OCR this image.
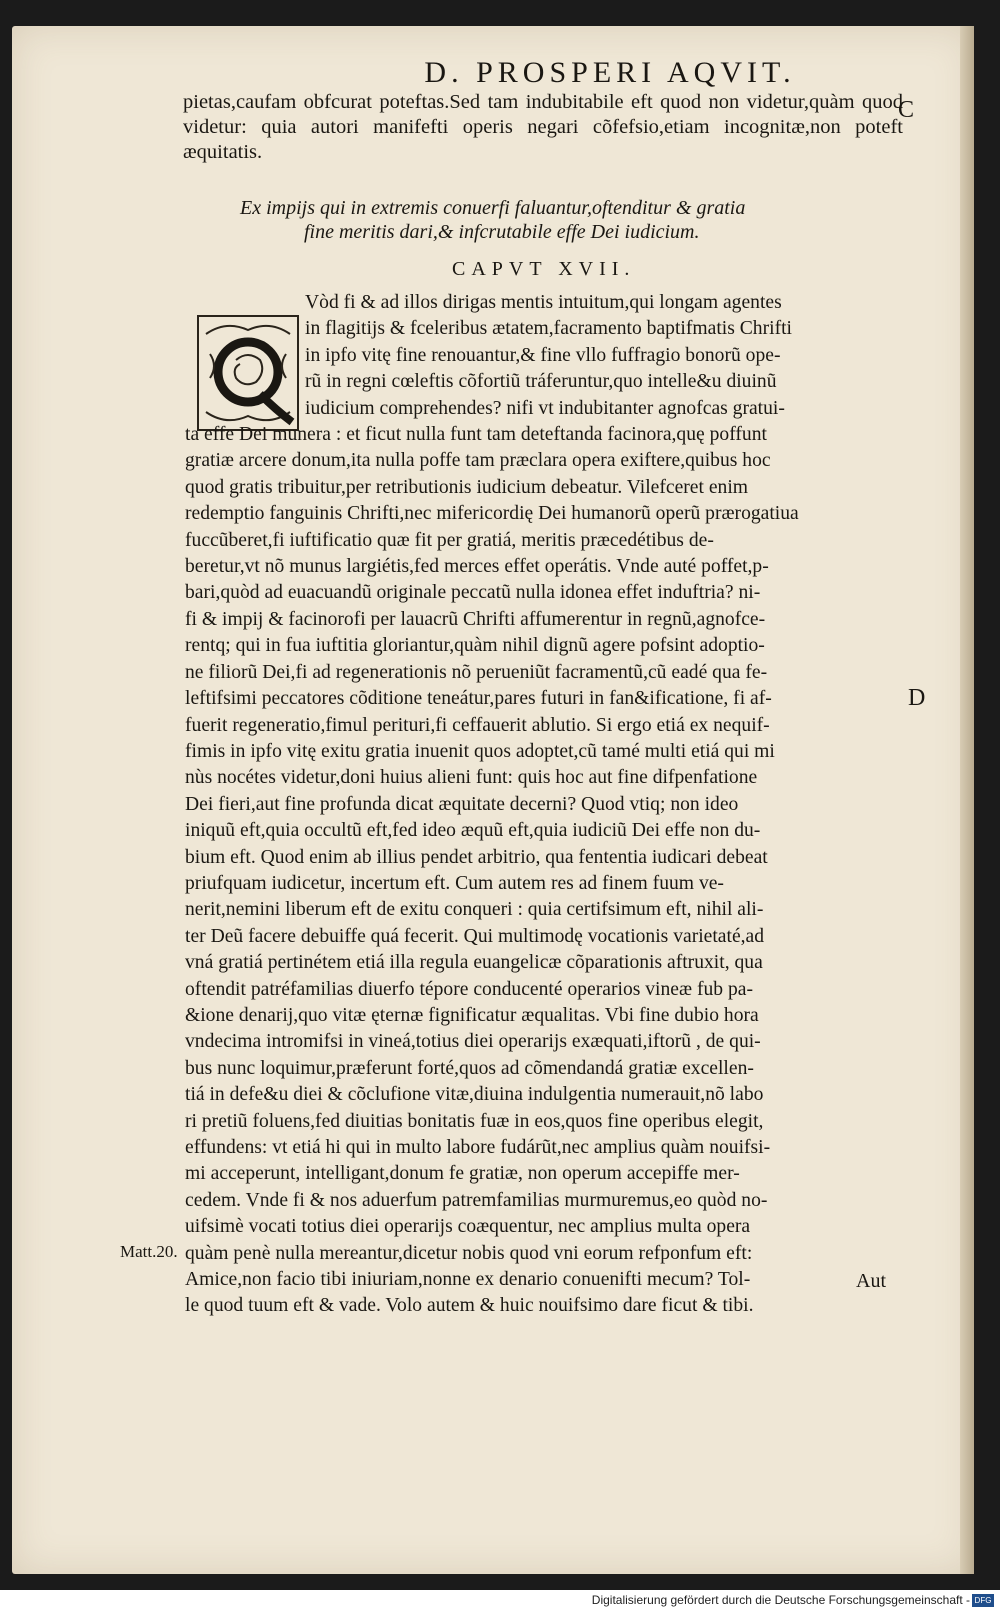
D. PROSPERI AQVIT.
C
D
pietas,caufam obfcurat poteftas.Sed tam indubitabile eft quod non videtur,quàm quod videtur: quia autori manifefti operis negari cõfefsio,etiam incognitæ,non poteft æquitatis.

Ex impijs qui in extremis conuerfi faluantur,oftenditur & gratia

fine meritis dari,& infcrutabile effe Dei iudicium.

CAPVT XVII.
Vòd fi & ad illos dirigas mentis intuitum,qui longam agentes
in flagitijs & fceleribus ætatem,facramento baptifmatis Chrifti
in ipfo vitę fine renouantur,& fine vllo fuffragio bonorũ ope-
rũ in regni cœleftis cõfortiũ tráferuntur,quo intelle&u diuinũ
iudicium comprehendes? nifi vt indubitanter agnofcas gratui-
ta effe Dei munera : et ficut nulla funt tam deteftanda facinora,quę poffunt
gratiæ arcere donum,ita nulla poffe tam præclara opera exiftere,quibus hoc
quod gratis tribuitur,per retributionis iudicium debeatur. Vilefceret enim
redemptio fanguinis Chrifti,nec mifericordię Dei humanorũ operũ prærogatiua
fuccũberet,fi iuftificatio quæ fit per gratiá, meritis præcedétibus de-
beretur,vt nõ munus largiétis,fed merces effet operátis. Vnde auté poffet,p-
bari,quòd ad euacuandũ originale peccatũ nulla idonea effet induftria? ni-
fi & impij & facinorofi per lauacrũ Chrifti affumerentur in regnũ,agnofce-
rentq; qui in fua iuftitia gloriantur,quàm nihil dignũ agere pofsint adoptio-
ne filiorũ Dei,fi ad regenerationis nõ perueniũt facramentũ,cũ eadé qua fe-
leftifsimi peccatores cõditione teneátur,pares futuri in fan&ificatione, fi af-
fuerit regeneratio,fimul perituri,fi ceffauerit ablutio. Si ergo etiá ex nequif-
fimis in ipfo vitę exitu gratia inuenit quos adoptet,cũ tamé multi etiá qui mi
nùs nocétes videtur,doni huius alieni funt: quis hoc aut fine difpenfatione
Dei fieri,aut fine profunda dicat æquitate decerni? Quod vtiq; non ideo
iniquũ eft,quia occultũ eft,fed ideo æquũ eft,quia iudiciũ Dei effe non du-
bium eft. Quod enim ab illius pendet arbitrio, qua fententia iudicari debeat
priufquam iudicetur, incertum eft. Cum autem res ad finem fuum ve-
nerit,nemini liberum eft de exitu conqueri : quia certifsimum eft, nihil ali-
ter Deũ facere debuiffe quá fecerit. Qui multimodę vocationis varietaté,ad
vná gratiá pertinétem etiá illa regula euangelicæ cõparationis aftruxit, qua
oftendit patréfamilias diuerfo tépore conducenté operarios vineæ fub pa-
&ione denarij,quo vitæ ęternæ fignificatur æqualitas. Vbi fine dubio hora
vndecima intromifsi in vineá,totius diei operarijs exæquati,iftorũ , de qui-
bus nunc loquimur,præferunt forté,quos ad cõmendandá gratiæ excellen-
tiá in defe&u diei & cõclufione vitæ,diuina indulgentia numerauit,nõ labo
ri pretiũ foluens,fed diuitias bonitatis fuæ in eos,quos fine operibus elegit,
effundens: vt etiá hi qui in multo labore fudárũt,nec amplius quàm nouifsi-
mi acceperunt, intelligant,donum fe gratiæ, non operum accepiffe mer-
cedem. Vnde fi & nos aduerfum patremfamilias murmuremus,eo quòd no-
uifsimè vocati totius diei operarijs coæquentur, nec amplius multa opera
quàm penè nulla mereantur,dicetur nobis quod vni eorum refponfum eft:
Amice,non facio tibi iniuriam,nonne ex denario conuenifti mecum? Tol-
le quod tuum eft & vade. Volo autem & huic nouifsimo dare ficut & tibi.
Matt.20.
Aut
Digitalisierung gefördert durch die Deutsche Forschungsgemeinschaft - DFG
